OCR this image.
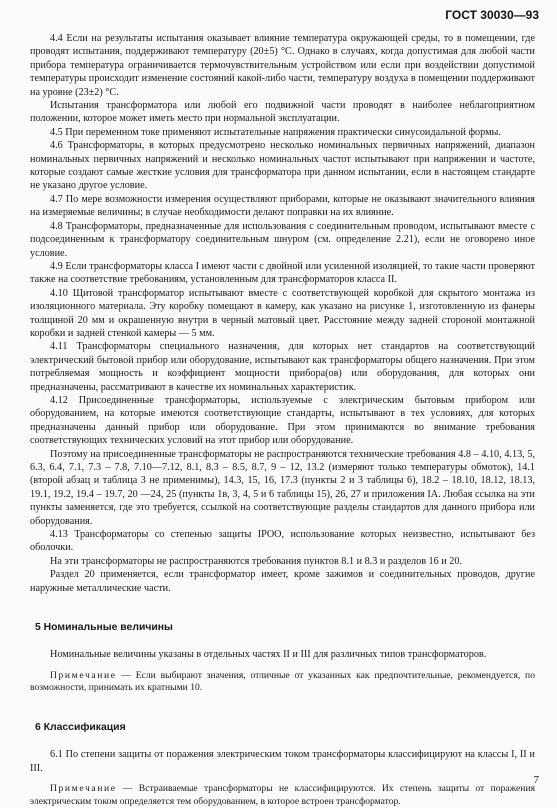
ГОСТ 30030—93

4.4 Если на результаты испытания оказывает влияние температура окружающей среды, то в помещении, где проводят испытания, поддерживают температуру (20±5) °С. Однако в случаях, когда допустимая для любой части прибора температура ограничивается термочувствительным устройством или если при воздействии допустимой температуры происходит изменение состояний какой-либо части, температуру воздуха в помещении поддерживают на уровне (23±2) °С.

Испытания трансформатора или любой его подвижной части проводят в наиболее неблагоприятном положении, которое может иметь место при нормальной эксплуатации.

4.5 При переменном токе применяют испытательные напряжения практически синусоидальной формы.

4.6 Трансформаторы, в которых предусмотрено несколько номинальных первичных напряжений, диапазон номинальных первичных напряжений и несколько номинальных частот испытывают при напряжении и частоте, которые создают самые жесткие условия для трансформатора при данном испытании, если в настоящем стандарте не указано другое условие.

4.7 По мере возможности измерения осуществляют приборами, которые не оказывают значительного влияния на измеряемые величины; в случае необходимости делают поправки на их влияние.

4.8 Трансформаторы, предназначенные для использования с соединительным проводом, испытывают вместе с подсоединенным к трансформатору соединительным шнуром (см. определение 2.21), если не оговорено иное условие.

4.9 Если трансформаторы класса I имеют части с двойной или усиленной изоляцией, то такие части проверяют также на соответствие требованиям, установленным для трансформаторов класса II.

4.10 Щитовой трансформатор испытывают вместе с соответствующей коробкой для скрытого монтажа из изоляционного материала. Эту коробку помещают в камеру, как указано на рисунке 1, изготовленную из фанеры толщиной 20 мм и окрашенную внутри в черный матовый цвет. Расстояние между задней стороной монтажной коробки и задней стенкой камеры — 5 мм.

4.11 Трансформаторы специального назначения, для которых нет стандартов на соответствующий электрический бытовой прибор или оборудование, испытывают как трансформаторы общего назначения. При этом потребляемая мощность и коэффициент мощности прибора(ов) или оборудования, для которых они предназначены, рассматривают в качестве их номинальных характеристик.

4.12 Присоединенные трансформаторы, используемые с электрическим бытовым прибором или оборудованием, на которые имеются соответствующие стандарты, испытывают в тех условиях, для которых предназначены данный прибор или оборудование. При этом принимаются во внимание требования соответствующих технических условий на этот прибор или оборудование.

Поэтому на присоединенные трансформаторы не распространяются технические требования 4.8 – 4.10, 4.13, 5, 6.3, 6.4, 7.1, 7.3 – 7.8, 7.10—7.12, 8.1, 8.3 – 8.5, 8.7, 9 – 12, 13.2 (измеряют только температуры обмоток), 14.1 (второй абзац и таблица 3 не применимы), 14.3, 15, 16, 17.3 (пункты 2 и 3 таблицы 6), 18.2 – 18.10, 18.12, 18.13, 19.1, 19.2, 19.4 – 19.7, 20 —24, 25 (пункты 1в, 3, 4, 5 и 6 таблицы 15), 26, 27 и приложения IA. Любая ссылка на эти пункты заменяется, где это требуется, ссылкой на соответствующие разделы стандартов для данного прибора или оборудования.

4.13 Трансформаторы со степенью защиты IPOO, использование которых неизвестно, испытывают без оболочки.

На эти трансформаторы не распространяются требования пунктов 8.1 и 8.3 и разделов 16 и 20.

Раздел 20 применяется, если трансформатор имеет, кроме зажимов и соединительных проводов, другие наружные металлические части.

5 Номинальные величины

Номинальные величины указаны в отдельных частях II и III для различных типов трансформаторов.

Примечание — Если выбирают значения, отличные от указанных как предпочтительные, рекомендуется, по возможности, принимать их кратными 10.

6 Классификация

6.1 По степени защиты от поражения электрическим током трансформаторы классифицируют на классы I, II и III.

Примечание — Встраиваемые трансформаторы не классифицируются. Их степень защиты от поражения электрическим током определяется тем оборудованием, в которое встроен трансформатор.

7
